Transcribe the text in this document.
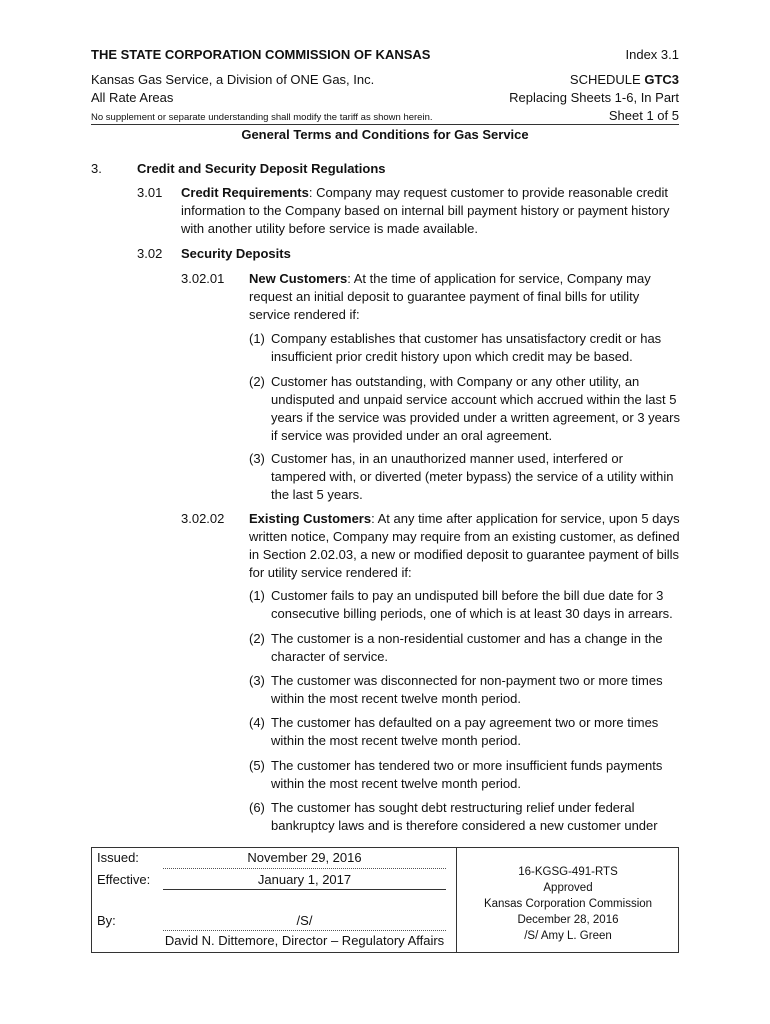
THE STATE CORPORATION COMMISSION OF KANSAS	Index 3.1
Kansas Gas Service, a Division of ONE Gas, Inc.	SCHEDULE GTC3
All Rate Areas	Replacing Sheets 1-6, In Part
No supplement or separate understanding shall modify the tariff as shown herein.	Sheet 1 of 5
General Terms and Conditions for Gas Service
3.	Credit and Security Deposit Regulations
3.01 Credit Requirements: Company may request customer to provide reasonable credit information to the Company based on internal bill payment history or payment history with another utility before service is made available.
3.02 Security Deposits
3.02.01 New Customers: At the time of application for service, Company may request an initial deposit to guarantee payment of final bills for utility service rendered if:
(1) Company establishes that customer has unsatisfactory credit or has insufficient prior credit history upon which credit may be based.
(2) Customer has outstanding, with Company or any other utility, an undisputed and unpaid service account which accrued within the last 5 years if the service was provided under a written agreement, or 3 years if service was provided under an oral agreement.
(3) Customer has, in an unauthorized manner used, interfered or tampered with, or diverted (meter bypass) the service of a utility within the last 5 years.
3.02.02 Existing Customers: At any time after application for service, upon 5 days written notice, Company may require from an existing customer, as defined in Section 2.02.03, a new or modified deposit to guarantee payment of bills for utility service rendered if:
(1) Customer fails to pay an undisputed bill before the bill due date for 3 consecutive billing periods, one of which is at least 30 days in arrears.
(2) The customer is a non-residential customer and has a change in the character of service.
(3) The customer was disconnected for non-payment two or more times within the most recent twelve month period.
(4) The customer has defaulted on a pay agreement two or more times within the most recent twelve month period.
(5) The customer has tendered two or more insufficient funds payments within the most recent twelve month period.
(6) The customer has sought debt restructuring relief under federal bankruptcy laws and is therefore considered a new customer under
Issued:	November 29, 2016
Effective:	January 1, 2017
By:	/S/
David N. Dittemore, Director – Regulatory Affairs
16-KGSG-491-RTS
Approved
Kansas Corporation Commission
December 28, 2016
/S/ Amy L. Green
